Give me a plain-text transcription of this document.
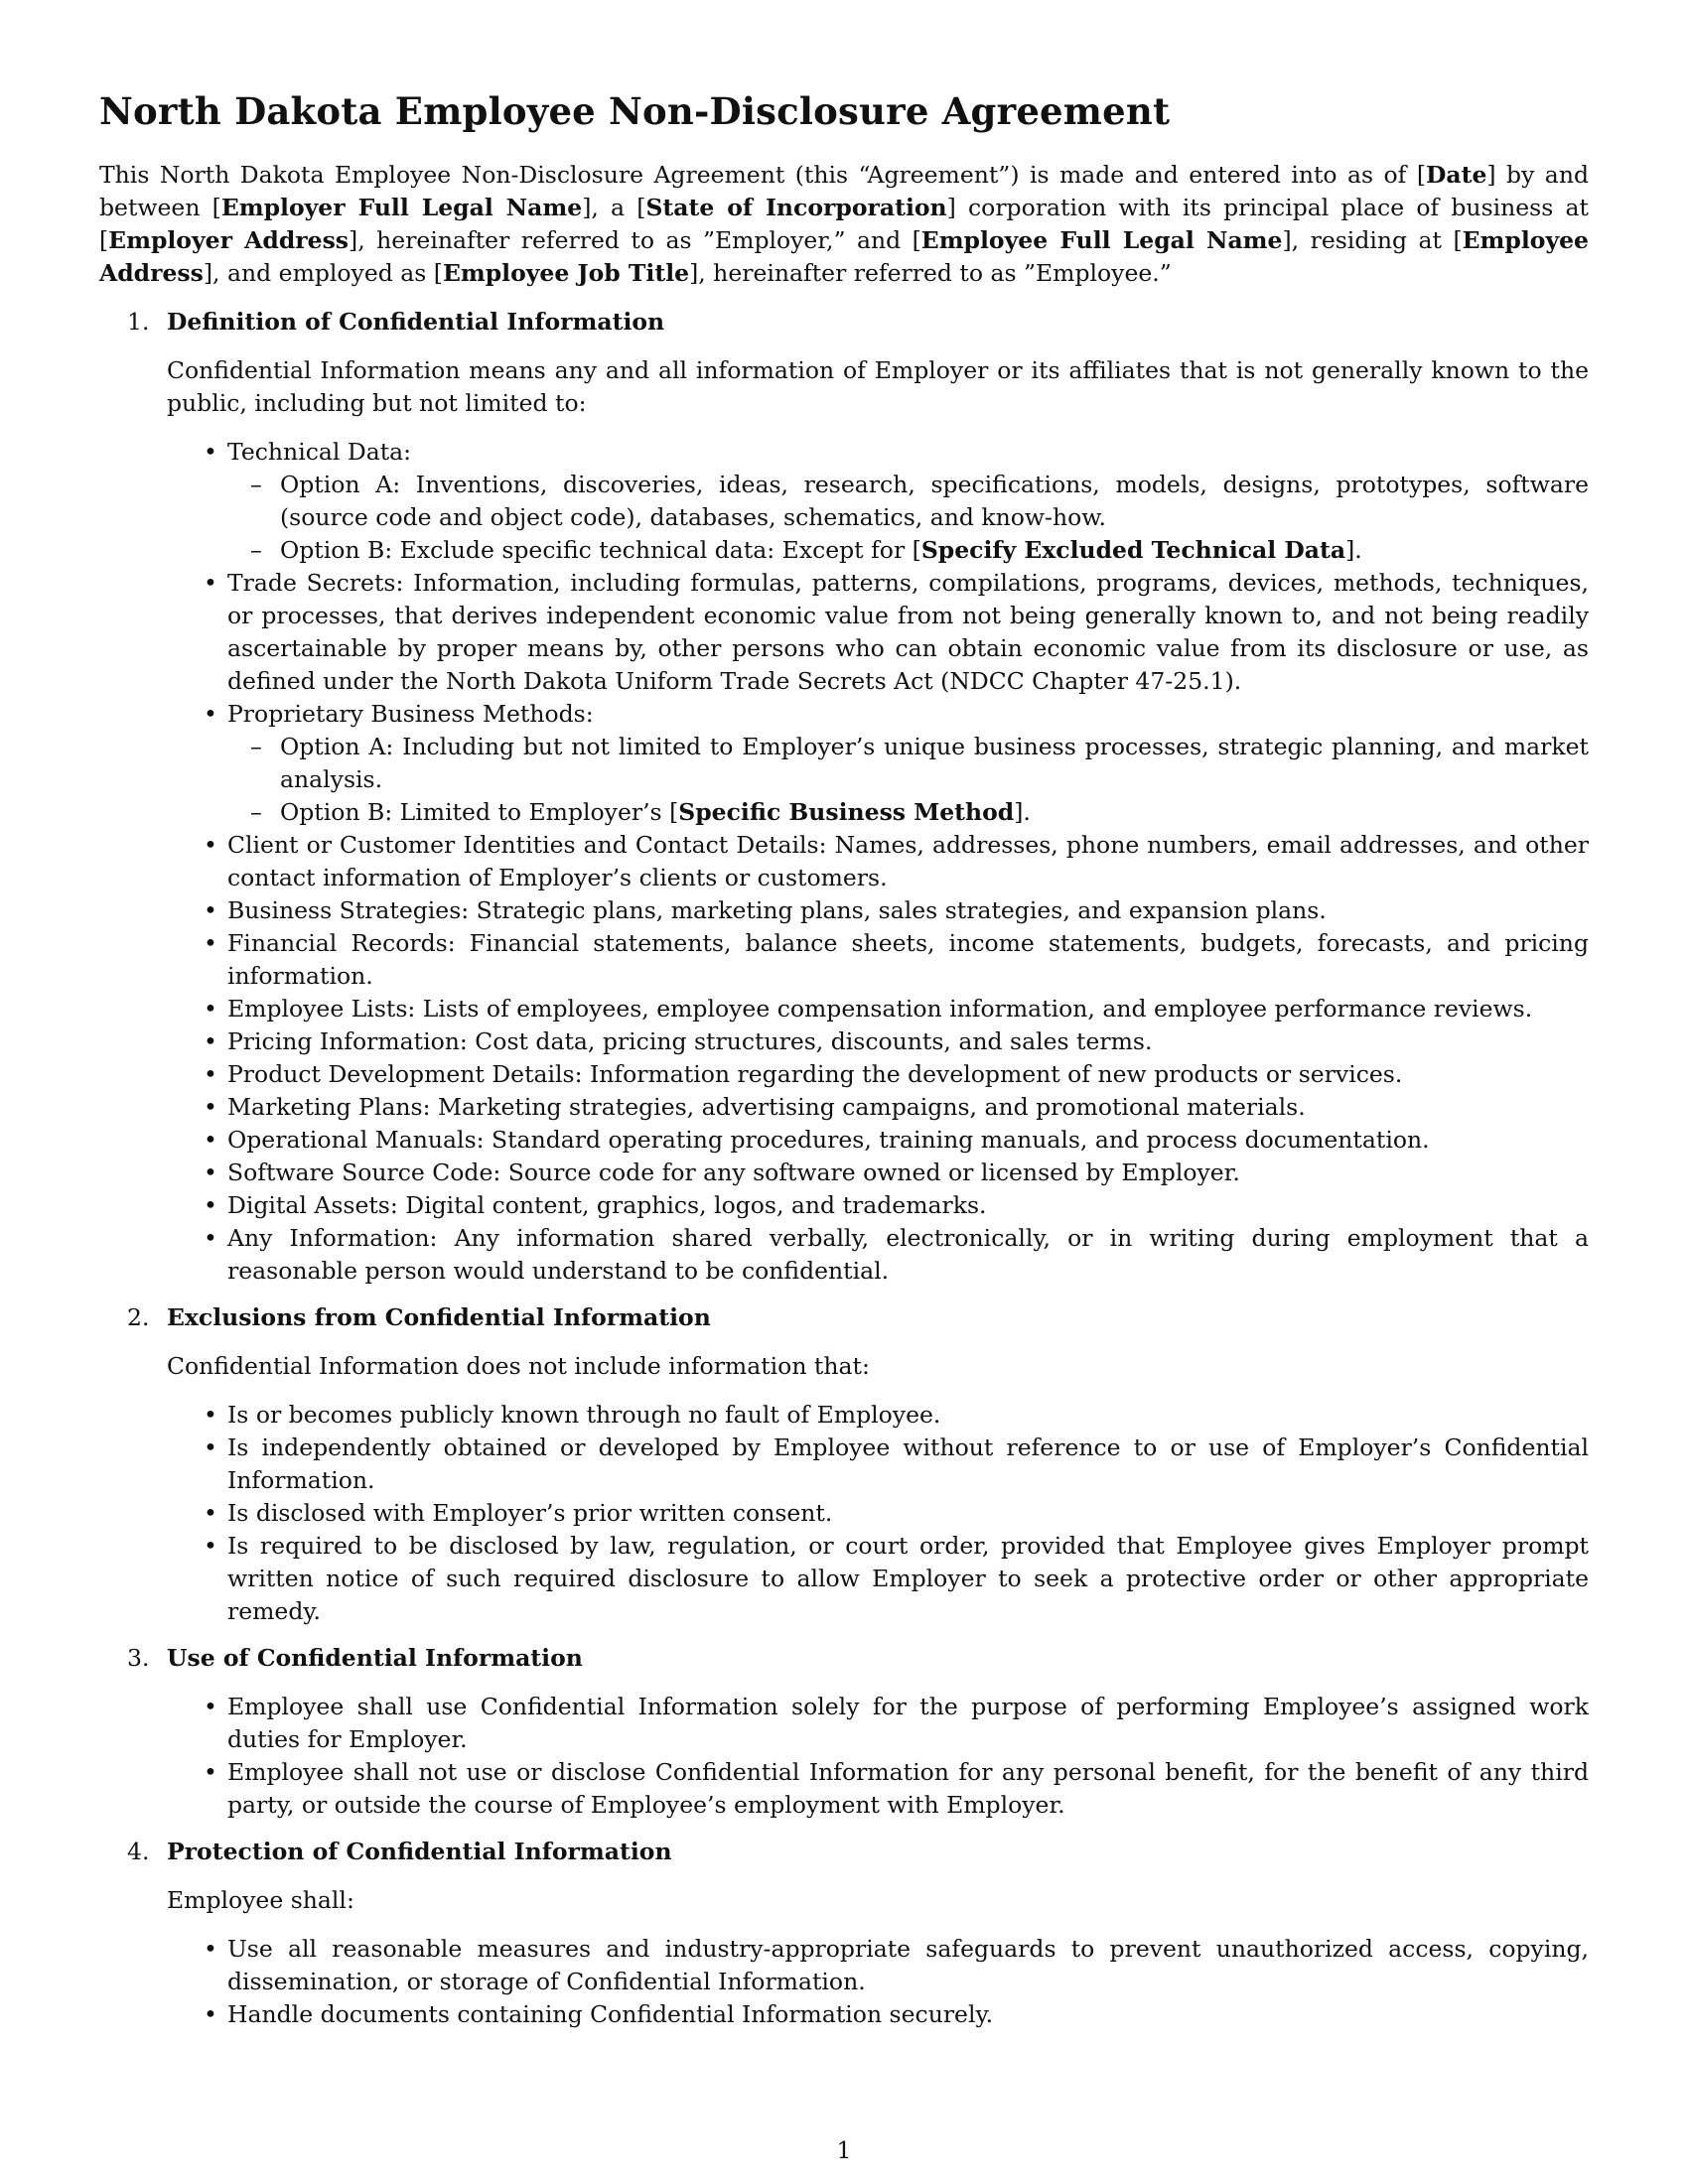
North Dakota Employee Non-Disclosure Agreement

This North Dakota Employee Non-Disclosure Agreement (this “Agreement”) is made and entered into as of [Date] by and between [Employer Full Legal Name], a [State of Incorporation] corporation with its principal place of business at [Employer Address], hereinafter referred to as ”Employer,” and [Employee Full Legal Name], residing at [Employee Address], and employed as [Employee Job Title], hereinafter referred to as ”Employee.”

1. Definition of Confidential Information

Confidential Information means any and all information of Employer or its affiliates that is not generally known to the public, including but not limited to:

• Technical Data:
– Option A: Inventions, discoveries, ideas, research, specifications, models, designs, prototypes, software (source code and object code), databases, schematics, and know-how.
– Option B: Exclude specific technical data: Except for [Specify Excluded Technical Data].
• Trade Secrets: Information, including formulas, patterns, compilations, programs, devices, methods, techniques, or processes, that derives independent economic value from not being generally known to, and not being readily ascertainable by proper means by, other persons who can obtain economic value from its disclosure or use, as defined under the North Dakota Uniform Trade Secrets Act (NDCC Chapter 47-25.1).
• Proprietary Business Methods:
– Option A: Including but not limited to Employer’s unique business processes, strategic planning, and market analysis.
– Option B: Limited to Employer’s [Specific Business Method].
• Client or Customer Identities and Contact Details: Names, addresses, phone numbers, email addresses, and other contact information of Employer’s clients or customers.
• Business Strategies: Strategic plans, marketing plans, sales strategies, and expansion plans.
• Financial Records: Financial statements, balance sheets, income statements, budgets, forecasts, and pricing information.
• Employee Lists: Lists of employees, employee compensation information, and employee performance reviews.
• Pricing Information: Cost data, pricing structures, discounts, and sales terms.
• Product Development Details: Information regarding the development of new products or services.
• Marketing Plans: Marketing strategies, advertising campaigns, and promotional materials.
• Operational Manuals: Standard operating procedures, training manuals, and process documentation.
• Software Source Code: Source code for any software owned or licensed by Employer.
• Digital Assets: Digital content, graphics, logos, and trademarks.
• Any Information: Any information shared verbally, electronically, or in writing during employment that a reasonable person would understand to be confidential.
2. Exclusions from Confidential Information

Confidential Information does not include information that:

• Is or becomes publicly known through no fault of Employee.
• Is independently obtained or developed by Employee without reference to or use of Employer’s Confidential Information.
• Is disclosed with Employer’s prior written consent.
• Is required to be disclosed by law, regulation, or court order, provided that Employee gives Employer prompt written notice of such required disclosure to allow Employer to seek a protective order or other appropriate remedy.
3. Use of Confidential Information
• Employee shall use Confidential Information solely for the purpose of performing Employee’s assigned work duties for Employer.
• Employee shall not use or disclose Confidential Information for any personal benefit, for the benefit of any third party, or outside the course of Employee’s employment with Employer.
4. Protection of Confidential Information

Employee shall:

• Use all reasonable measures and industry-appropriate safeguards to prevent unauthorized access, copying, dissemination, or storage of Confidential Information.
• Handle documents containing Confidential Information securely.
1
